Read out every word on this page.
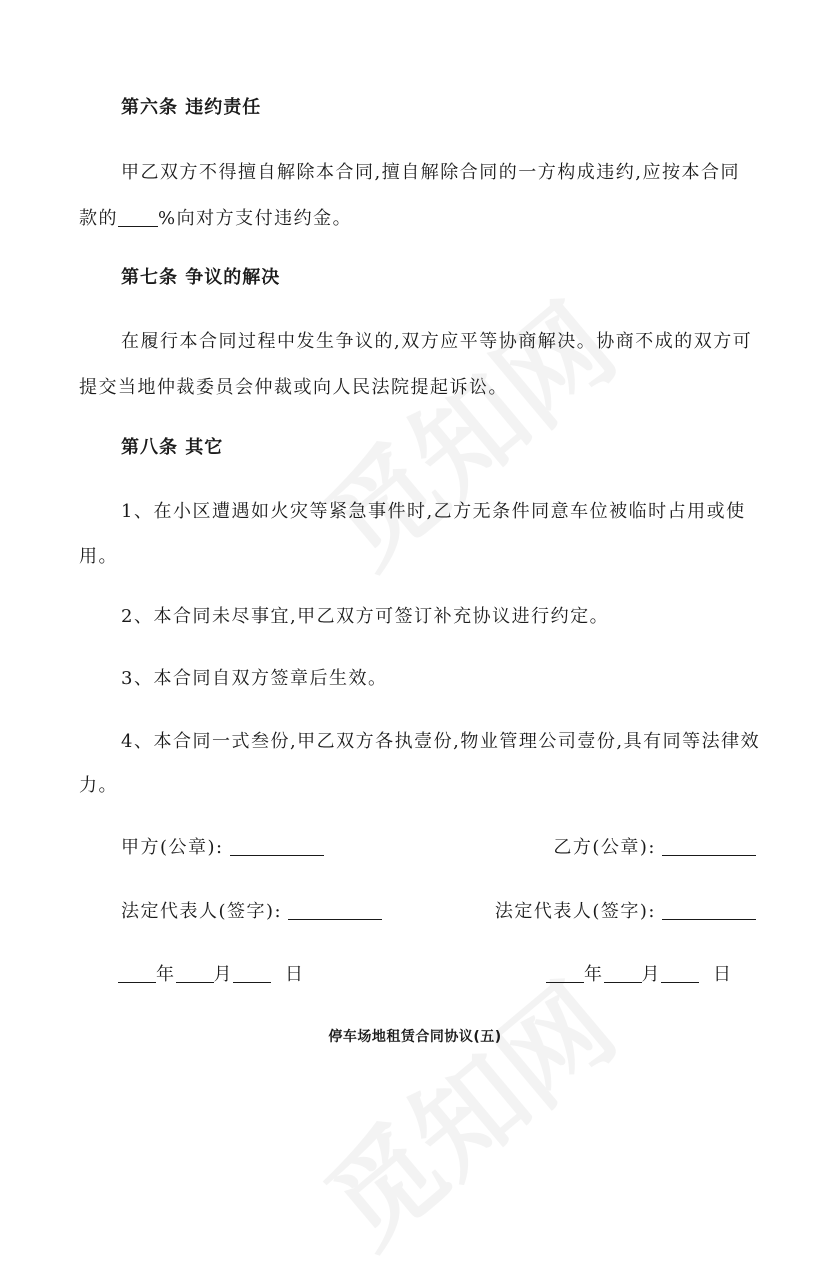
第六条 违约责任
甲乙双方不得擅自解除本合同,擅自解除合同的一方构成违约,应按本合同
款的 %向对方支付违约金。
第七条 争议的解决
在履行本合同过程中发生争议的,双方应平等协商解决。协商不成的双方可
提交当地仲裁委员会仲裁或向人民法院提起诉讼。
第八条 其它
1、在小区遭遇如火灾等紧急事件时,乙方无条件同意车位被临时占用或使
用。
2、本合同未尽事宜,甲乙双方可签订补充协议进行约定。
3、本合同自双方签章后生效。
4、本合同一式叁份,甲乙双方各执壹份,物业管理公司壹份,具有同等法律效
力。
甲方(公章):	乙方(公章):
法定代表人(签字):	法定代表人(签字):
年 月	日	年 月	日
停车场地租赁合同协议(五)
